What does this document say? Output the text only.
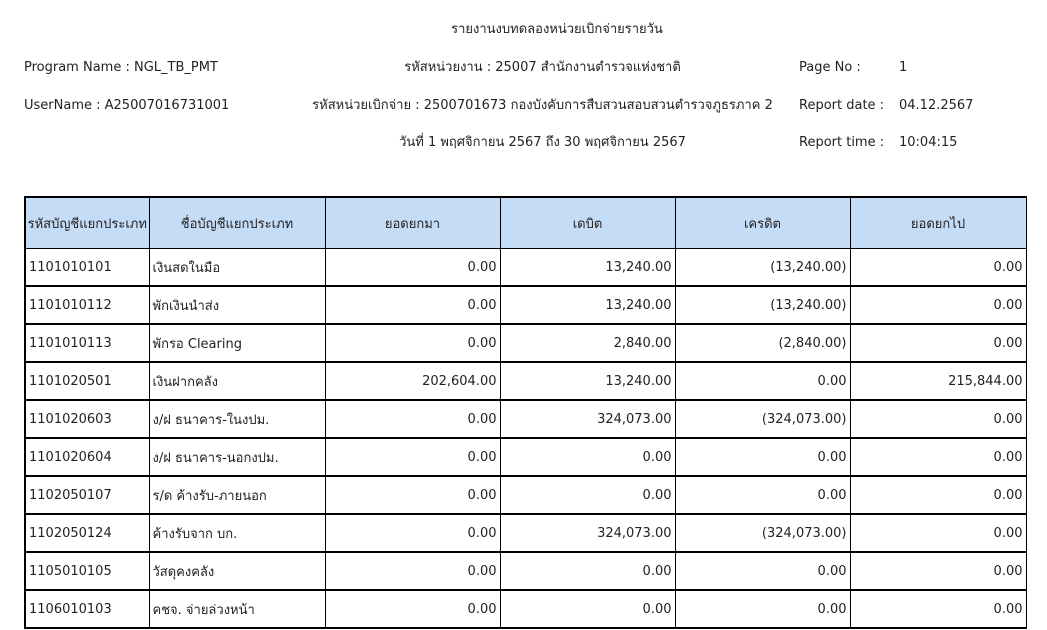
รายงานงบทดลองหน่วยเบิกจ่ายรายวัน
Program Name : NGL_TB_PMT	รหัสหน่วยงาน : 25007 สำนักงานตำรวจแห่งชาติ	Page No :	1
UserName : A25007016731001	รหัสหน่วยเบิกจ่าย : 2500701673 กองบังคับการสืบสวนสอบสวนตำรวจภูธรภาค 2	Report date : 04.12.2567
วันที่ 1 พฤศจิกายน 2567 ถึง 30 พฤศจิกายน 2567	Report time : 10:04:15
รหัสบัญชีแยกประเภท	ชื่อบัญชีแยกประเภท	ยอดยกมา	เดบิต	เครดิต	ยอดยกไป
1101010101	เงินสดในมือ	0.00	13,240.00	(13,240.00)	0.00
1101010112	พักเงินนำส่ง	0.00	13,240.00	(13,240.00)	0.00
1101010113	พักรอ Clearing	0.00	2,840.00	(2,840.00)	0.00
1101020501	เงินฝากคลัง	202,604.00	13,240.00	0.00	215,844.00
1101020603	ง/ฝ ธนาคาร-ในงปม.	0.00	324,073.00	(324,073.00)	0.00
1101020604	ง/ฝ ธนาคาร-นอกงปม.	0.00	0.00	0.00	0.00
1102050107	ร/ด ค้างรับ-ภายนอก	0.00	0.00	0.00	0.00
1102050124	ค้างรับจาก บก.	0.00	324,073.00	(324,073.00)	0.00
1105010105	วัสดุคงคลัง	0.00	0.00	0.00	0.00
1106010103	คชจ. จ่ายล่วงหน้า	0.00	0.00	0.00	0.00
